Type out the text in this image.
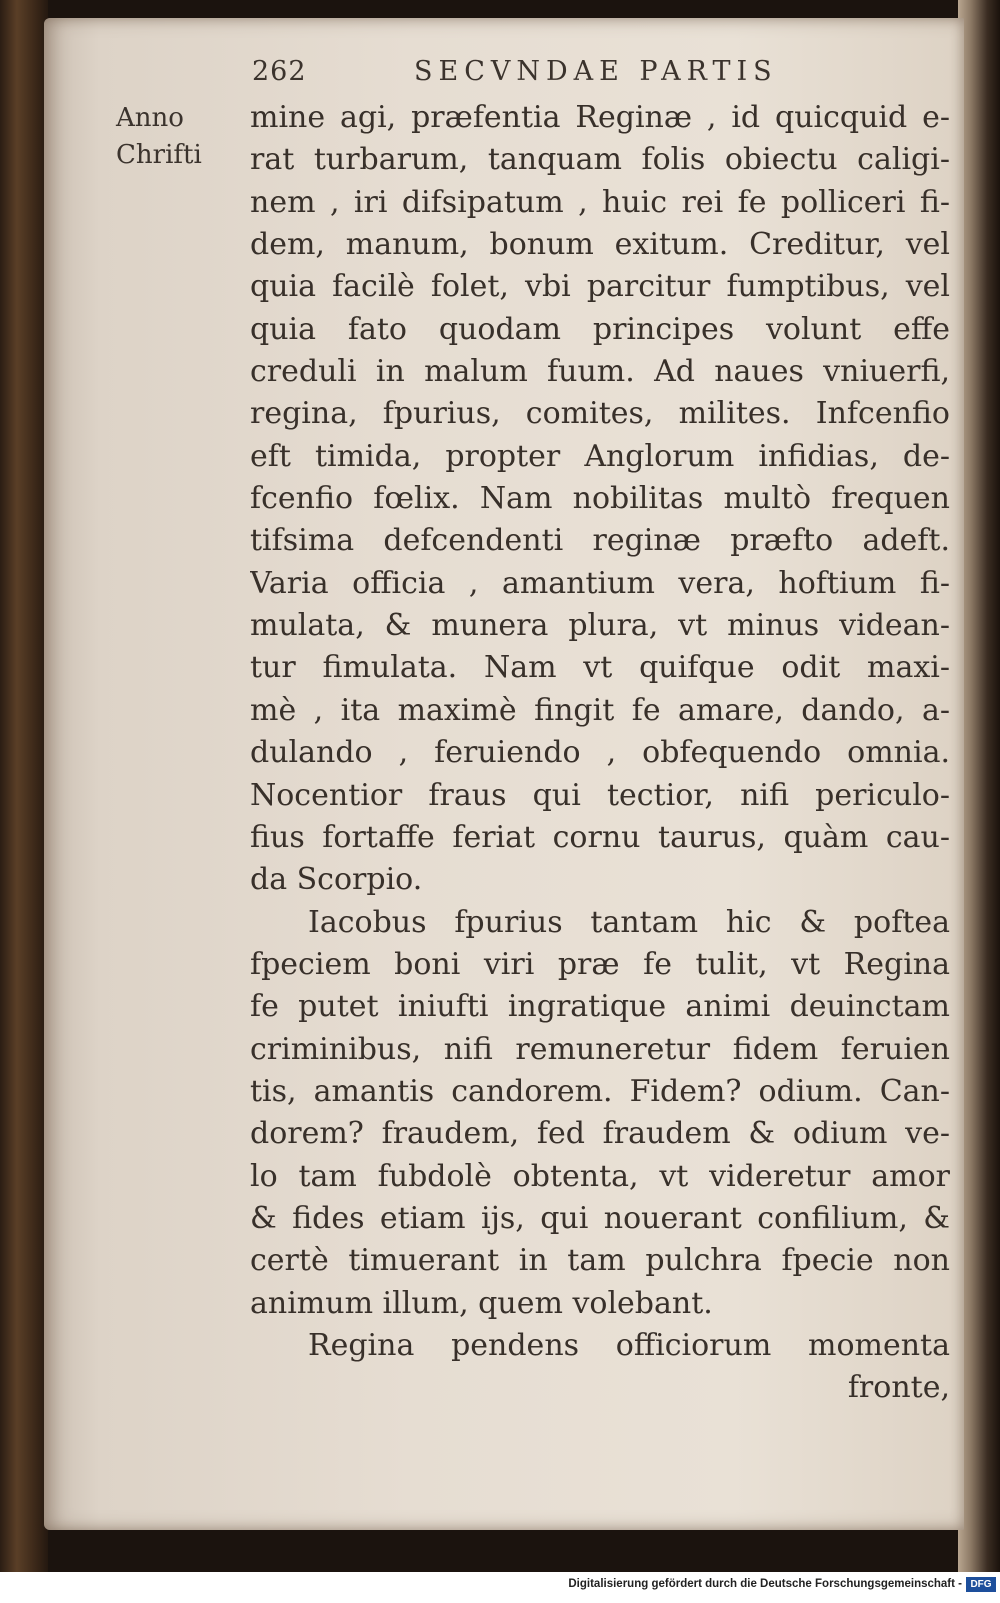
262	SECVNDAE PARTIS
Anno
Chrifti
mine agi, præfentia Reginæ , id quicquid e-
rat turbarum, tanquam folis obiectu caligi-
nem , iri difsipatum , huic rei fe polliceri fi-
dem, manum, bonum exitum. Creditur, vel
quia facilè folet, vbi parcitur fumptibus, vel
quia fato quodam principes volunt effe
creduli in malum fuum. Ad naues vniuerfi,
regina, fpurius, comites, milites. Infcenfio
eft timida, propter Anglorum infidias, de-
fcenfio fœlix. Nam nobilitas multò frequen
tifsima defcendenti reginæ præfto adeft.
Varia officia , amantium vera, hoftium fi-
mulata, & munera plura, vt minus videan-
tur fimulata. Nam vt quifque odit maxi-
mè , ita maximè fingit fe amare, dando, a-
dulando , feruiendo , obfequendo omnia.
Nocentior fraus qui tectior, nifi periculo-
fius fortaffe feriat cornu taurus, quàm cau-
da Scorpio.
Iacobus fpurius tantam hic & poftea
fpeciem boni viri præ fe tulit, vt Regina
fe putet iniufti ingratique animi deuinctam
criminibus, nifi remuneretur fidem feruien
tis, amantis candorem. Fidem? odium. Can-
dorem? fraudem, fed fraudem & odium ve-
lo tam fubdolè obtenta, vt videretur amor
& fides etiam ijs, qui nouerant confilium, &
certè timuerant in tam pulchra fpecie non
animum illum, quem volebant.
Regina pendens officiorum momenta
fronte,
Digitalisierung gefördert durch die Deutsche Forschungsgemeinschaft - DFG
